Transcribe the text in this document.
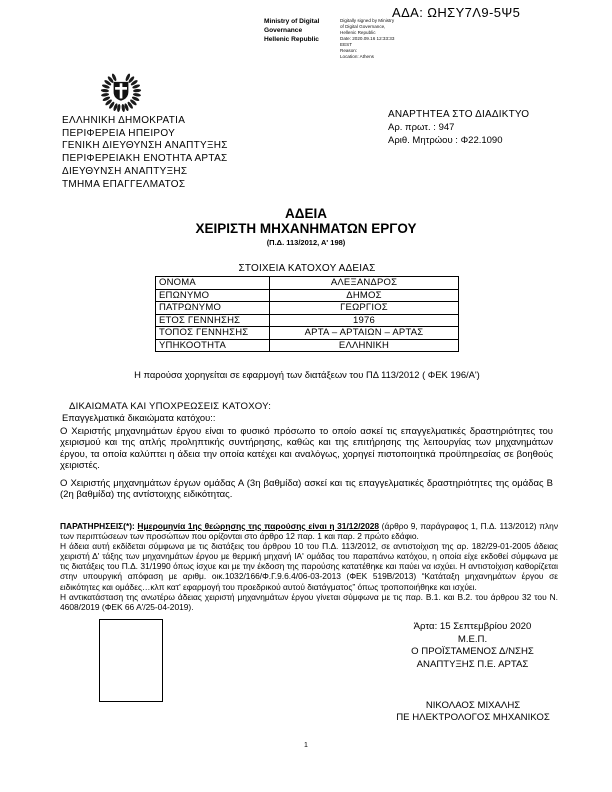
ΑΔΑ: ΩΗΣΥ7Λ9-5Ψ5
Ministry of Digital
Governance
Hellenic Republic
Digitally signed by Ministry
of Digital Governance,
Hellenic Republic
Date: 2020.09.16 12:33:33
EEST
Reason:
Location: Athens
ΕΛΛΗΝΙΚΗ ΔΗΜΟΚΡΑΤΙΑ
ΠΕΡΙΦΕΡΕΙΑ ΗΠΕΙΡΟΥ
ΓΕΝΙΚΗ ΔΙΕΥΘΥΝΣΗ ΑΝΑΠΤΥΞΗΣ
ΠΕΡΙΦΕΡΕΙΑΚΗ ΕΝΟΤΗΤΑ ΑΡΤΑΣ
ΔΙΕΥΘΥΝΣΗ ΑΝΑΠΤΥΞΗΣ
ΤΜΗΜΑ ΕΠΑΓΓΕΛΜΑΤΟΣ
ΑΝΑΡΤΗΤΕΑ ΣΤΟ ΔΙΑΔΙΚΤΥΟ
Αρ. πρωτ. : 947
Αριθ. Μητρώου : Φ22.1090
ΑΔΕΙΑ
ΧΕΙΡΙΣΤΗ ΜΗΧΑΝΗΜΑΤΩΝ ΕΡΓΟΥ
(Π.Δ. 113/2012, Α' 198)
ΣΤΟΙΧΕΙΑ ΚΑΤΟΧΟΥ ΑΔΕΙΑΣ
ΟΝΟΜΑ	ΑΛΕΞΑΝΔΡΟΣ
ΕΠΩΝΥΜΟ	ΔΗΜΟΣ
ΠΑΤΡΩΝΥΜΟ	ΓΕΩΡΓΙΟΣ
ΕΤΟΣ ΓΕΝΝΗΣΗΣ	1976
ΤΟΠΟΣ ΓΕΝΝΗΣΗΣ	ΑΡΤΑ – ΑΡΤΑΙΩΝ – ΑΡΤΑΣ
ΥΠΗΚΟΟΤΗΤΑ	ΕΛΛΗΝΙΚΗ
Η παρούσα χορηγείται σε εφαρμογή των διατάξεων του ΠΔ 113/2012 ( ΦΕΚ 196/Α')
ΔΙΚΑΙΩΜΑΤΑ ΚΑΙ ΥΠΟΧΡΕΩΣΕΙΣ ΚΑΤΟΧΟΥ:
Επαγγελματικά δικαιώματα κατόχου::
Ο Χειριστής μηχανημάτων έργου είναι το φυσικό πρόσωπο το οποίο ασκεί τις επαγγελματικές δραστηριότητες του χειρισμού και της απλής προληπτικής συντήρησης, καθώς και της επιτήρησης της λειτουργίας των μηχανημάτων έργου, τα οποία καλύπτει η άδεια την οποία κατέχει και αναλόγως, χορηγεί πιστοποιητικά προϋπηρεσίας σε βοηθούς χειριστές.
Ο Χειριστής μηχανημάτων έργων ομάδας Α (3η βαθμίδα) ασκεί και τις επαγγελματικές δραστηριότητες της ομάδας Β (2η βαθμίδα) της αντίστοιχης ειδικότητας.

ΠΑΡΑΤΗΡΗΣΕΙΣ(*): Ημερομηνία 1ης θεώρησης της παρούσης είναι η 31/12/2028 (άρθρο 9, παράγραφος 1, Π.Δ. 113/2012) πλην των περιπτώσεων των προσώπων που ορίζονται στο άρθρο 12 παρ. 1 και παρ. 2 πρώτο εδάφιο.

Η άδεια αυτή εκδίδεται σύμφωνα με τις διατάξεις του άρθρου 10 του Π.Δ. 113/2012, σε αντιστοίχιση της αρ. 182/29-01-2005 άδειας χειριστή Δ' τάξης των μηχανημάτων έργου με θερμική μηχανή ΙΑ' ομάδας του παραπάνω κατόχου, η οποία είχε εκδοθεί σύμφωνα με τις διατάξεις του Π.Δ. 31/1990 όπως ίσχυε και με την έκδοση της παρούσης κατατέθηκε και παύει να ισχύει. Η αντιστοίχιση καθορίζεται στην υπουργική απόφαση με αριθμ. οικ.1032/166/Φ.Γ.9.6.4/06-03-2013 (ΦΕΚ 519Β/2013) “Κατάταξη μηχανημάτων έργου σε ειδικότητες και ομάδες…κλπ κατ' εφαρμογή του προεδρικού αυτού διατάγματος” όπως τροποποιήθηκε και ισχύει.

Η αντικατάσταση της ανωτέρω άδειας χειριστή μηχανημάτων έργου γίνεται σύμφωνα με τις παρ. Β.1. και Β.2. του άρθρου 32 του Ν. 4608/2019 (ΦΕΚ 66 Α'/25-04-2019).

Άρτα: 15 Σεπτεμβρίου 2020
Μ.Ε.Π.
Ο ΠΡΟΪΣΤΑΜΕΝΟΣ Δ/ΝΣΗΣ
ΑΝΑΠΤΥΞΗΣ Π.Ε. ΑΡΤΑΣ
ΝΙΚΟΛΑΟΣ ΜΙΧΑΛΗΣ
ΠΕ ΗΛΕΚΤΡΟΛΟΓΟΣ ΜΗΧΑΝΙΚΟΣ
1
